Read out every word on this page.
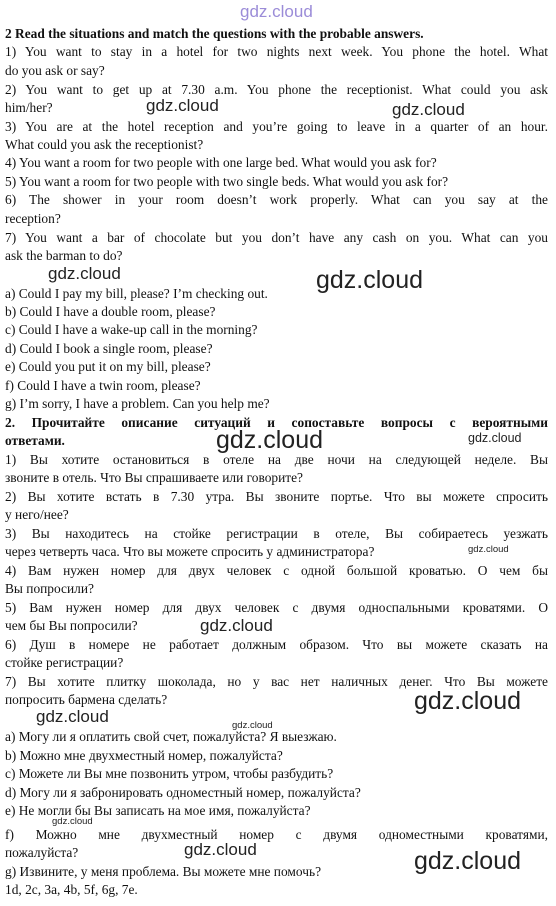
gdz.cloud
gdz.cloud	gdz.cloud
gdz.cloud	gdz.cloud
gdz.cloud	gdz.cloud
gdz.cloud
gdz.cloud
gdz.cloud
gdz.cloud	gdz.cloud
gdz.cloud
gdz.cloud	gdz.cloud
2 Read the situations and match the questions with the probable answers.
1) You want to stay in a hotel for two nights next week. You phone the hotel. What
do you ask or say?
2) You want to get up at 7.30 a.m. You phone the receptionist. What could you ask
him/her?
3) You are at the hotel reception and you’re going to leave in a quarter of an hour.
What could you ask the receptionist?
4) You want a room for two people with one large bed. What would you ask for?
5) You want a room for two people with two single beds. What would you ask for?
6) The shower in your room doesn’t work properly. What can you say at the
reception?
7) You want a bar of chocolate but you don’t have any cash on you. What can you
ask the barman to do?
a) Could I pay my bill, please? I’m checking out.
b) Could I have a double room, please?
c) Could I have a wake-up call in the morning?
d) Could I book a single room, please?
e) Could you put it on my bill, please?
f) Could I have a twin room, please?
g) I’m sorry, I have a problem. Can you help me?
2. Прочитайте описание ситуаций и сопоставьте вопросы с вероятными
ответами.
1) Вы хотите остановиться в отеле на две ночи на следующей неделе. Вы
звоните в отель. Что Вы спрашиваете или говорите?
2) Вы хотите встать в 7.30 утра. Вы звоните портье. Что вы можете спросить
у него/нее?
3) Вы находитесь на стойке регистрации в отеле, Вы собираетесь уезжать
через четверть часа. Что вы можете спросить у администратора?
4) Вам нужен номер для двух человек с одной большой кроватью. О чем бы
Вы попросили?
5) Вам нужен номер для двух человек с двумя односпальными кроватями. О
чем бы Вы попросили?
6) Душ в номере не работает должным образом. Что вы можете сказать на
стойке регистрации?
7) Вы хотите плитку шоколада, но у вас нет наличных денег. Что Вы можете
попросить бармена сделать?
a) Могу ли я оплатить свой счет, пожалуйста? Я выезжаю.
b) Можно мне двухместный номер, пожалуйста?
c) Можете ли Вы мне позвонить утром, чтобы разбудить?
d) Могу ли я забронировать одноместный номер, пожалуйста?
e) Не могли бы Вы записать на мое имя, пожалуйста?
f) Можно мне двухместный номер с двумя одноместными кроватями,
пожалуйста?
g) Извините, у меня проблема. Вы можете мне помочь?
1d, 2c, 3a, 4b, 5f, 6g, 7e.
